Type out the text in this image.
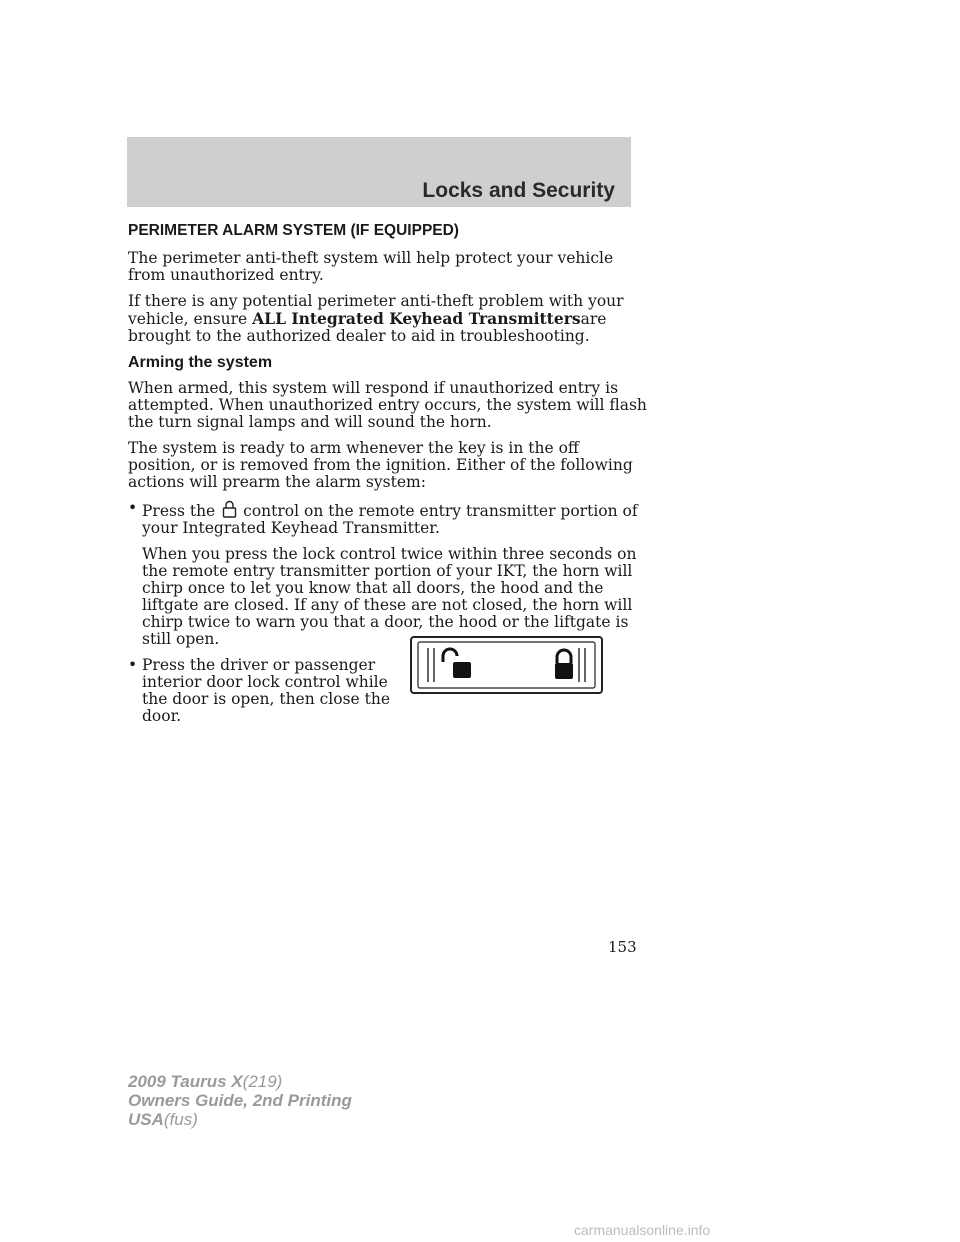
Locks and Security
PERIMETER ALARM SYSTEM (IF EQUIPPED)

The perimeter anti-theft system will help protect your vehicle from unauthorized entry.

If there is any potential perimeter anti-theft problem with your vehicle, ensure ALL Integrated Keyhead Transmittersare brought to the authorized dealer to aid in troubleshooting.

Arming the system

When armed, this system will respond if unauthorized entry is attempted. When unauthorized entry occurs, the system will flash the turn signal lamps and will sound the horn.

The system is ready to arm whenever the key is in the off position, or is removed from the ignition. Either of the following actions will prearm the alarm system:

• Press the control on the remote entry transmitter portion of your Integrated Keyhead Transmitter.

When you press the lock control twice within three seconds on the remote entry transmitter portion of your IKT, the horn will chirp once to let you know that all doors, the hood and the liftgate are closed. If any of these are not closed, the horn will chirp twice to warn you that a door, the hood or the liftgate is still open.

• Press the driver or passenger interior door lock control while the door is open, then close the door.

153
2009 Taurus X(219)
Owners Guide, 2nd Printing
USA(fus)
carmanualsonline.info
